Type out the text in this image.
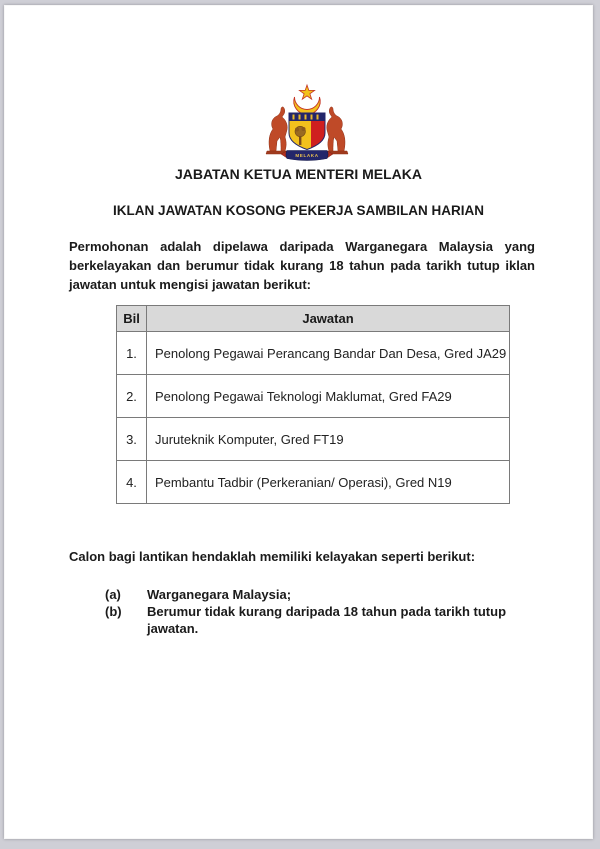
MELAKA
JABATAN KETUA MENTERI MELAKA
IKLAN JAWATAN KOSONG PEKERJA SAMBILAN HARIAN
Permohonan adalah dipelawa daripada Warganegara Malaysia yang berkelayakan dan berumur tidak kurang 18 tahun pada tarikh tutup iklan jawatan untuk mengisi jawatan berikut:
Bil	Jawatan
1.	Penolong Pegawai Perancang Bandar Dan Desa, Gred JA29
2.	Penolong Pegawai Teknologi Maklumat, Gred FA29
3.	Juruteknik Komputer, Gred FT19
4.	Pembantu Tadbir (Perkeranian/ Operasi), Gred N19
Calon bagi lantikan hendaklah memiliki kelayakan seperti berikut:
(a)	Warganegara Malaysia;
(b)	Berumur tidak kurang daripada 18 tahun pada tarikh tutup jawatan.
